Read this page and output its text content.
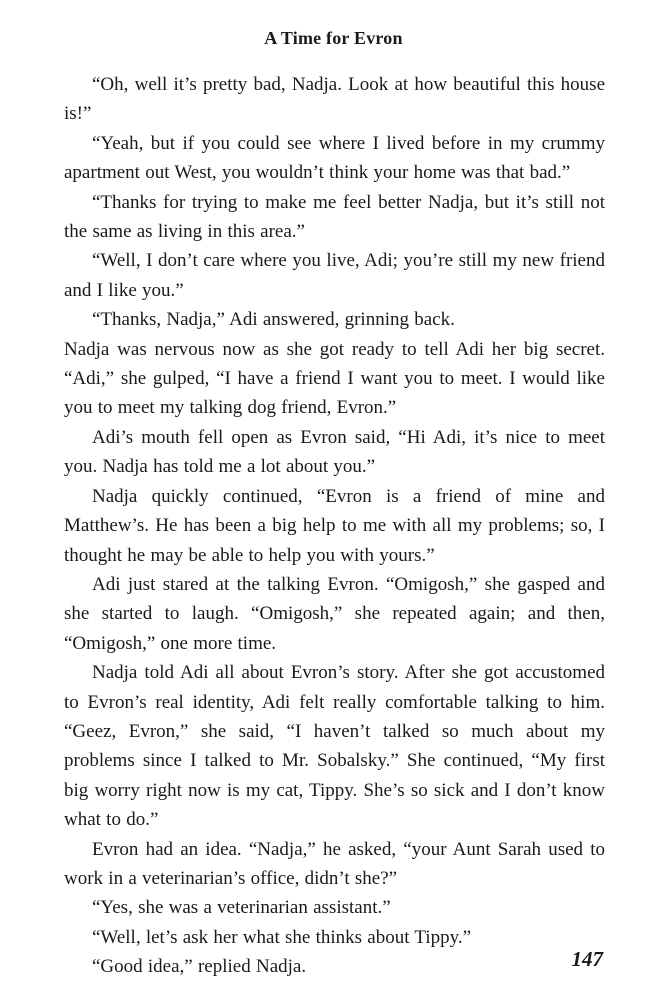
A Time for Evron

“Oh, well it’s pretty bad, Nadja. Look at how beautiful this house is!”

“Yeah, but if you could see where I lived before in my crummy apartment out West, you wouldn’t think your home was that bad.”

“Thanks for trying to make me feel better Nadja, but it’s still not the same as living in this area.”

“Well, I don’t care where you live, Adi; you’re still my new friend and I like you.”

“Thanks, Nadja,” Adi answered, grinning back.

Nadja was nervous now as she got ready to tell Adi her big secret. “Adi,” she gulped, “I have a friend I want you to meet. I would like you to meet my talking dog friend, Evron.”

Adi’s mouth fell open as Evron said, “Hi Adi, it’s nice to meet you. Nadja has told me a lot about you.”

Nadja quickly continued, “Evron is a friend of mine and Matthew’s. He has been a big help to me with all my problems; so, I thought he may be able to help you with yours.”

Adi just stared at the talking Evron. “Omigosh,” she gasped and she started to laugh. “Omigosh,” she repeated again; and then, “Omigosh,” one more time.

Nadja told Adi all about Evron’s story. After she got accustomed to Evron’s real identity, Adi felt really comfortable talking to him. “Geez, Evron,” she said, “I haven’t talked so much about my problems since I talked to Mr. Sobalsky.” She continued, “My first big worry right now is my cat, Tippy. She’s so sick and I don’t know what to do.”

Evron had an idea. “Nadja,” he asked, “your Aunt Sarah used to work in a veterinarian’s office, didn’t she?”

“Yes, she was a veterinarian assistant.”

“Well, let’s ask her what she thinks about Tippy.”

“Good idea,” replied Nadja.	147
